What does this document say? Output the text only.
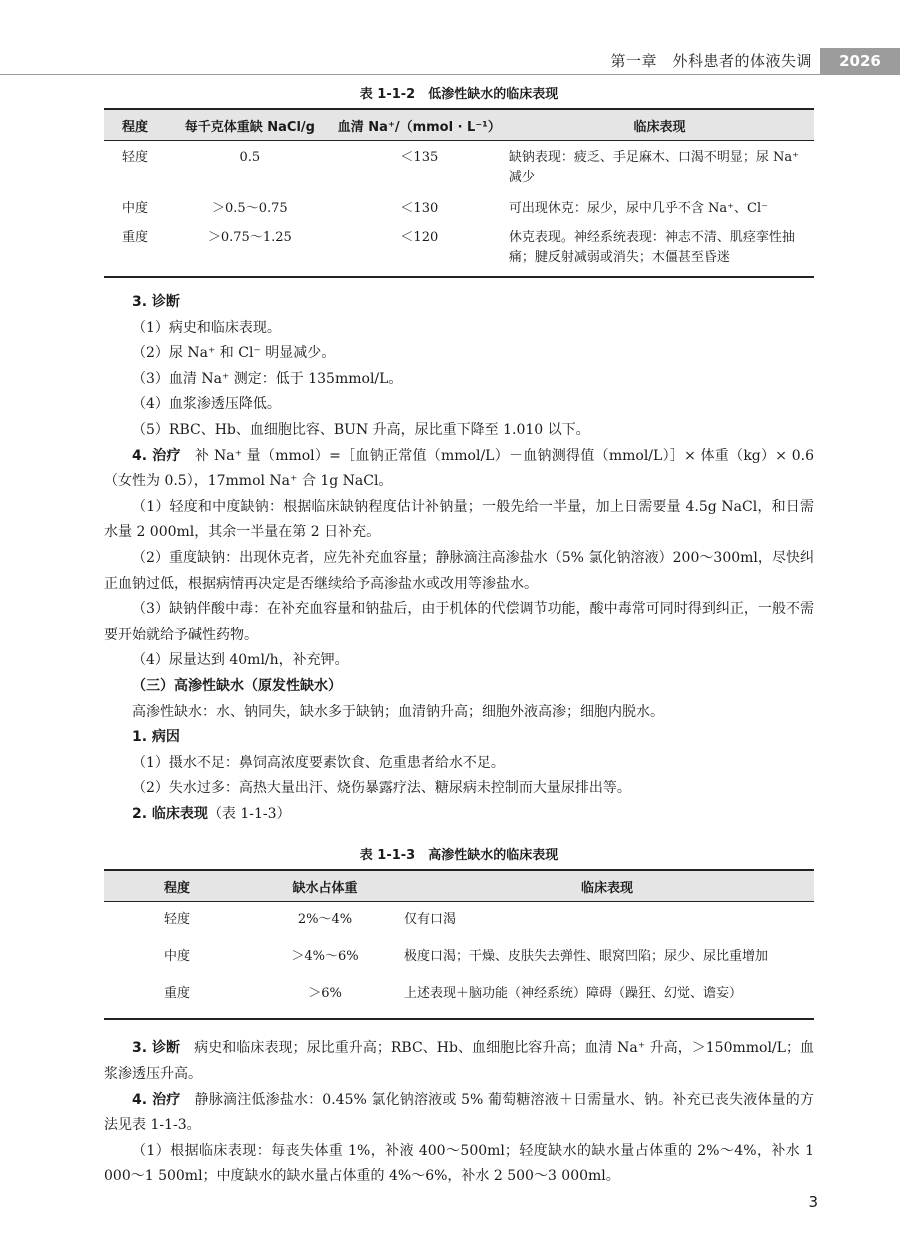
第一章　外科患者的体液失调	2026
表 1-1-2　低渗性缺水的临床表现
程度	每千克体重缺 NaCl/g	血清 Na⁺/（mmol · L⁻¹）	临床表现
轻度	0.5	＜135	缺钠表现：疲乏、手足麻木、口渴不明显；尿 Na⁺ 减少
中度	＞0.5～0.75	＜130	可出现休克：尿少，尿中几乎不含 Na⁺、Cl⁻
重度	＞0.75～1.25	＜120	休克表现。神经系统表现：神志不清、肌痉挛性抽痛；腱反射减弱或消失；木僵甚至昏迷

3. 诊断

（1）病史和临床表现。

（2）尿 Na⁺ 和 Cl⁻ 明显减少。

（3）血清 Na⁺ 测定：低于 135mmol/L。

（4）血浆渗透压降低。

（5）RBC、Hb、血细胞比容、BUN 升高，尿比重下降至 1.010 以下。

4. 治疗　 补 Na⁺ 量（mmol）=［血钠正常值（mmol/L）－血钠测得值（mmol/L）］× 体重（kg）× 0.6（女性为 0.5），17mmol Na⁺ 合 1g NaCl。

（1）轻度和中度缺钠：根据临床缺钠程度估计补钠量；一般先给一半量，加上日需要量 4.5g NaCl，和日需水量 2 000ml，其余一半量在第 2 日补充。

（2）重度缺钠：出现休克者，应先补充血容量；静脉滴注高渗盐水（5% 氯化钠溶液）200～300ml，尽快纠正血钠过低，根据病情再决定是否继续给予高渗盐水或改用等渗盐水。

（3）缺钠伴酸中毒：在补充血容量和钠盐后，由于机体的代偿调节功能，酸中毒常可同时得到纠正，一般不需要开始就给予碱性药物。

（4）尿量达到 40ml/h，补充钾。

（三）高渗性缺水（原发性缺水）

高渗性缺水：水、钠同失，缺水多于缺钠；血清钠升高；细胞外液高渗；细胞内脱水。

1. 病因

（1）摄水不足：鼻饲高浓度要素饮食、危重患者给水不足。

（2）失水过多：高热大量出汗、烧伤暴露疗法、糖尿病未控制而大量尿排出等。

2. 临床表现（表 1-1-3）

表 1-1-3　高渗性缺水的临床表现
程度	缺水占体重	临床表现
轻度	2%～4%	仅有口渴
中度	＞4%～6%	极度口渴；干燥、皮肤失去弹性、眼窝凹陷；尿少、尿比重增加
重度	＞6%	上述表现＋脑功能（神经系统）障碍（躁狂、幻觉、谵妄）

3. 诊断　 病史和临床表现；尿比重升高；RBC、Hb、血细胞比容升高；血清 Na⁺ 升高，＞150mmol/L；血浆渗透压升高。

4. 治疗　 静脉滴注低渗盐水：0.45% 氯化钠溶液或 5% 葡萄糖溶液＋日需量水、钠。补充已丧失液体量的方法见表 1-1-3。

（1）根据临床表现：每丧失体重 1%，补液 400～500ml；轻度缺水的缺水量占体重的 2%～4%，补水 1 000～1 500ml；中度缺水的缺水量占体重的 4%～6%，补水 2 500～3 000ml。

3
